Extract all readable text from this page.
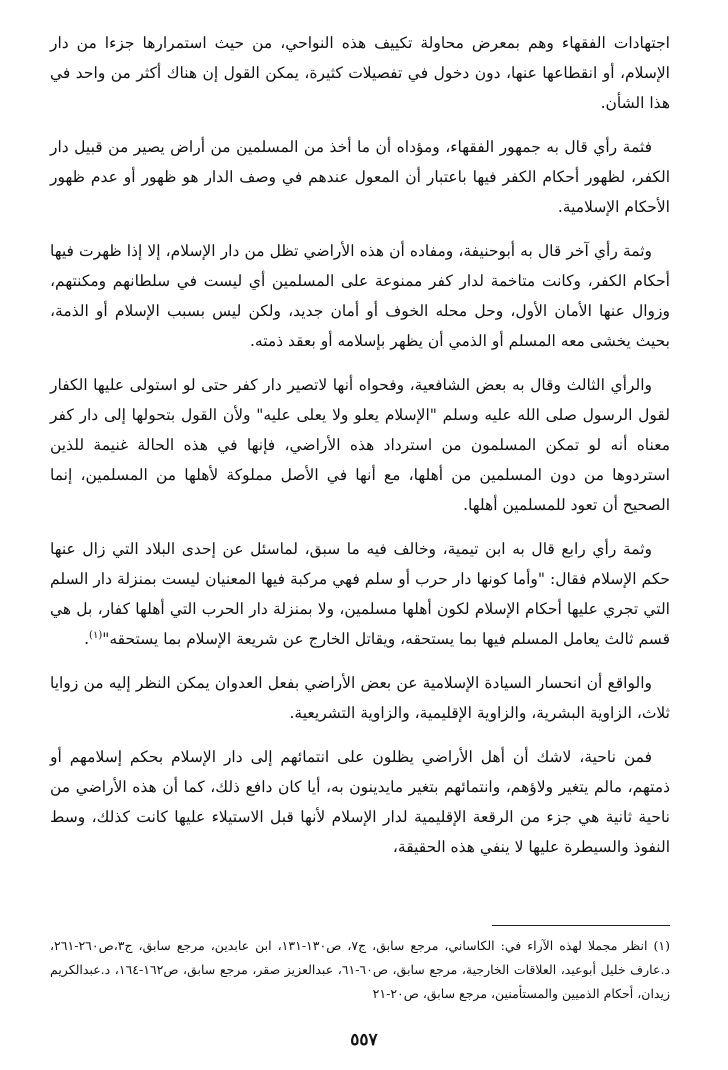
اجتهادات الفقهاء وهم بمعرض محاولة تكييف هذه النواحي، من حيث استمرارها جزءا من دار الإسلام، أو انقطاعها عنها، دون دخول في تفصيلات كثيرة، يمكن القول إن هناك أكثر من واحد في هذا الشأن.

فثمة رأي قال به جمهور الفقهاء، ومؤداه أن ما أخذ من المسلمين من أراض يصير من قبيل دار الكفر، لظهور أحكام الكفر فيها باعتبار أن المعول عندهم في وصف الدار هو ظهور أو عدم ظهور الأحكام الإسلامية.

وثمة رأي آخر قال به أبوحنيفة، ومفاده أن هذه الأراضي تظل من دار الإسلام، إلا إذا ظهرت فيها أحكام الكفر، وكانت متاخمة لدار كفر ممنوعة على المسلمين أي ليست في سلطانهم ومكنتهم، وزوال عنها الأمان الأول، وحل محله الخوف أو أمان جديد، ولكن ليس بسبب الإسلام أو الذمة، بحيث يخشى معه المسلم أو الذمي أن يظهر بإسلامه أو بعقد ذمته.

والرأي الثالث وقال به بعض الشافعية، وفحواه أنها لاتصير دار كفر حتى لو استولى عليها الكفار لقول الرسول صلى الله عليه وسلم "الإسلام يعلو ولا يعلى عليه" ولأن القول بتحولها إلى دار كفر معناه أنه لو تمكن المسلمون من استرداد هذه الأراضي، فإنها في هذه الحالة غنيمة للذين استردوها من دون المسلمين من أهلها، مع أنها في الأصل مملوكة لأهلها من المسلمين، إنما الصحيح أن تعود للمسلمين أهلها.

وثمة رأي رابع قال به ابن تيمية، وخالف فيه ما سبق، لماسئل عن إحدى البلاد التي زال عنها حكم الإسلام فقال: "وأما كونها دار حرب أو سلم فهي مركبة فيها المعنيان ليست بمنزلة دار السلم التي تجري عليها أحكام الإسلام لكون أهلها مسلمين، ولا بمنزلة دار الحرب التي أهلها كفار، بل هي قسم ثالث يعامل المسلم فيها بما يستحقه، ويقاتل الخارج عن شريعة الإسلام بما يستحقه"$^{(١)}$.

والواقع أن انحسار السيادة الإسلامية عن بعض الأراضي بفعل العدوان يمكن النظر إليه من زوايا ثلاث، الزاوية البشرية، والزاوية الإقليمية، والزاوية التشريعية.

فمن ناحية، لاشك أن أهل الأراضي يظلون على انتمائهم إلى دار الإسلام بحكم إسلامهم أو ذمتهم، مالم يتغير ولاؤهم، وانتمائهم بتغير مايدينون به، أيا كان دافع ذلك، كما أن هذه الأراضي من ناحية ثانية هي جزء من الرقعة الإقليمية لدار الإسلام لأنها قبل الاستيلاء عليها كانت كذلك، وسط النفوذ والسيطرة عليها لا ينفي هذه الحقيقة،

(١) انظر مجملا لهذه الآراء في: الكاساني، مرجع سابق، ج٧، ص١٣٠-١٣١، ابن عابدين، مرجع سابق، ج٣،ص٢٦٠-٢٦١، د.عارف خليل أبوعيد، العلاقات الخارجية، مرجع سابق، ص٦٠-٦١، عبدالعزيز صقر، مرجع سابق، ص١٦٢-١٦٤، د.عبدالكريم زيدان، أحكام الذميين والمستأمنين، مرجع سابق، ص٢٠-٢١
٥٥٧
